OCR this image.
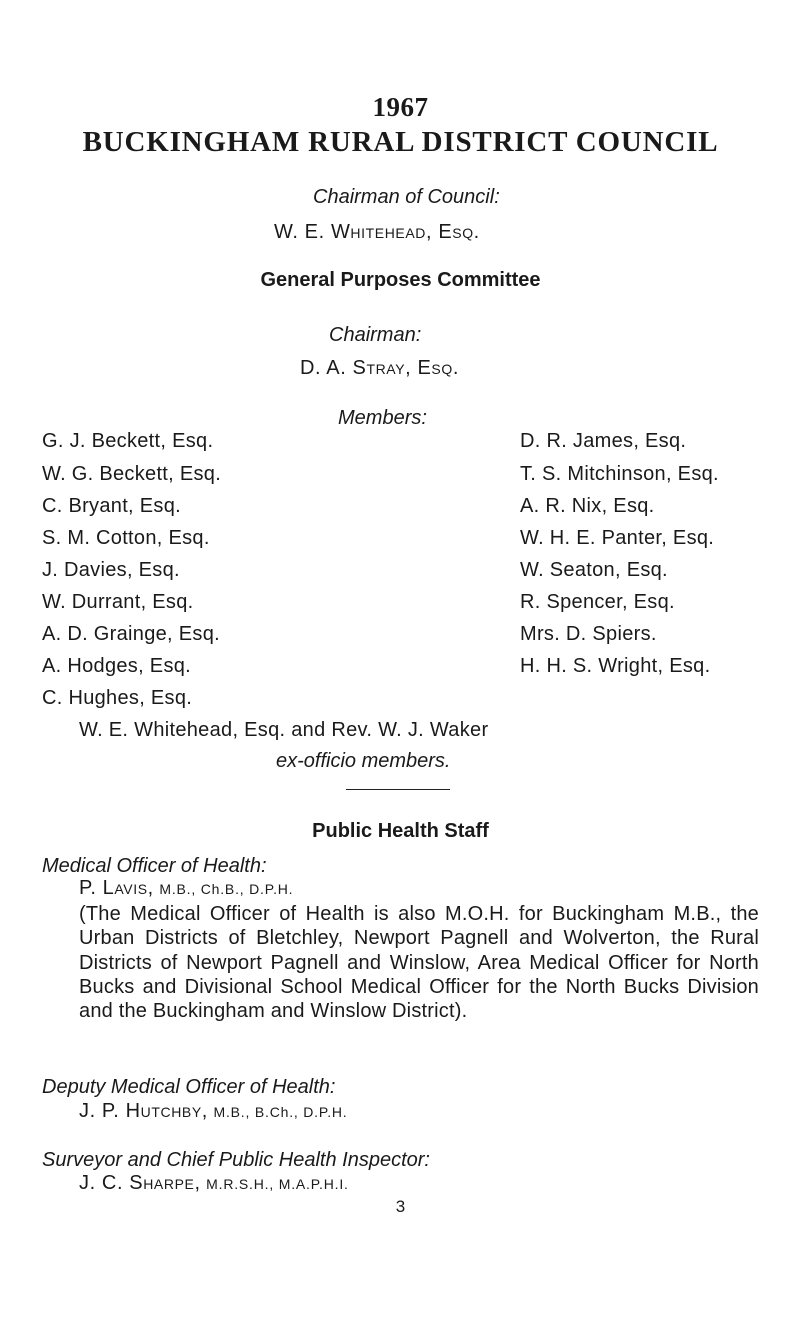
1967
BUCKINGHAM RURAL DISTRICT COUNCIL
Chairman of Council:
W. E. Whitehead, Esq.
General Purposes Committee
Chairman:
D. A. Stray, Esq.
Members:
G. J. Beckett, Esq.
W. G. Beckett, Esq.
C. Bryant, Esq.
S. M. Cotton, Esq.
J. Davies, Esq.
W. Durrant, Esq.
A. D. Grainge, Esq.
A. Hodges, Esq.
C. Hughes, Esq.
D. R. James, Esq.
T. S. Mitchinson, Esq.
A. R. Nix, Esq.
W. H. E. Panter, Esq.
W. Seaton, Esq.
R. Spencer, Esq.
Mrs. D. Spiers.
H. H. S. Wright, Esq.
W. E. Whitehead, Esq. and Rev. W. J. Waker
ex-officio members.
Public Health Staff
Medical Officer of Health:
P. Lavis, M.B., Ch.B., D.P.H.
(The Medical Officer of Health is also M.O.H. for Buckingham M.B., the Urban Districts of Bletchley, Newport Pagnell and Wolverton, the Rural Districts of Newport Pagnell and Winslow, Area Medical Officer for North Bucks and Divisional School Medical Officer for the North Bucks Division and the Buckingham and Winslow District).
Deputy Medical Officer of Health:
J. P. Hutchby, M.B., B.Ch., D.P.H.
Surveyor and Chief Public Health Inspector:
J. C. Sharpe, M.R.S.H., M.A.P.H.I.
3
